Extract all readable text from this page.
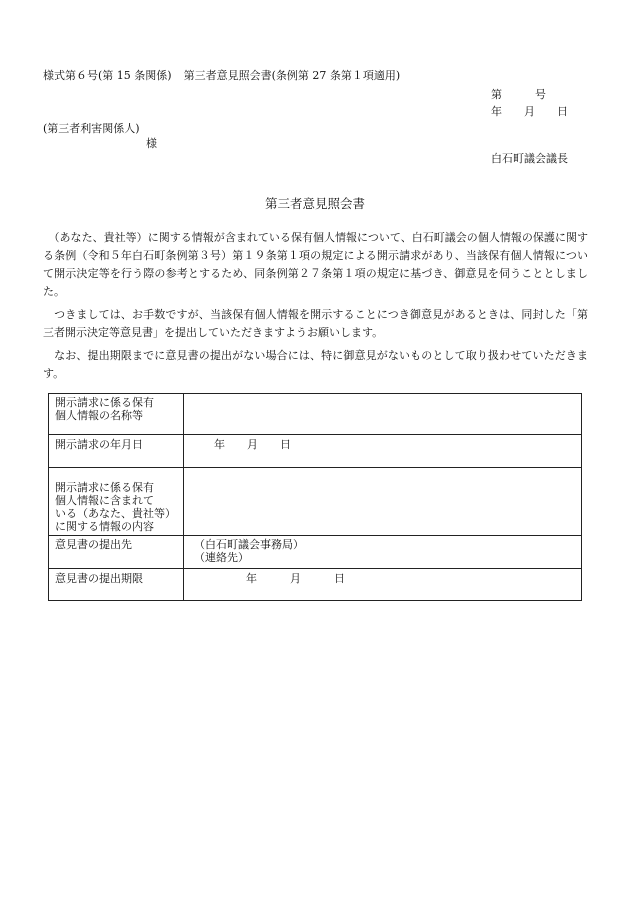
様式第６号(第 15 条関係) 第三者意見照会書(条例第 27 条第１項適用)
第　　　号
年　　月　　日
(第三者利害関係人)
様
白石町議会議長
第三者意見照会書
　（あなた、貴社等）に関する情報が含まれている保有個人情報について、白石町議会の個人情報の保護に関する条例（令和５年白石町条例第３号）第１９条第１項の規定による開示請求があり、当該保有個人情報について開示決定等を行う際の参考とするため、同条例第２７条第１項の規定に基づき、御意見を伺うこととしました。
　つきましては、お手数ですが、当該保有個人情報を開示することにつき御意見があるときは、同封した「第三者開示決定等意見書」を提出していただきますようお願いします。
　なお、提出期限までに意見書の提出がない場合には、特に御意見がないものとして取り扱わせていただきます。
開示請求に係る保有
個人情報の名称等	

開示請求の年月日	年　　月　　日

開示請求に係る保有
個人情報に含まれて
いる（あなた、貴社等）
に関する情報の内容	

意見書の提出先	（白石町議会事務局）
（連絡先）

意見書の提出期限	年　　　月　　　日
